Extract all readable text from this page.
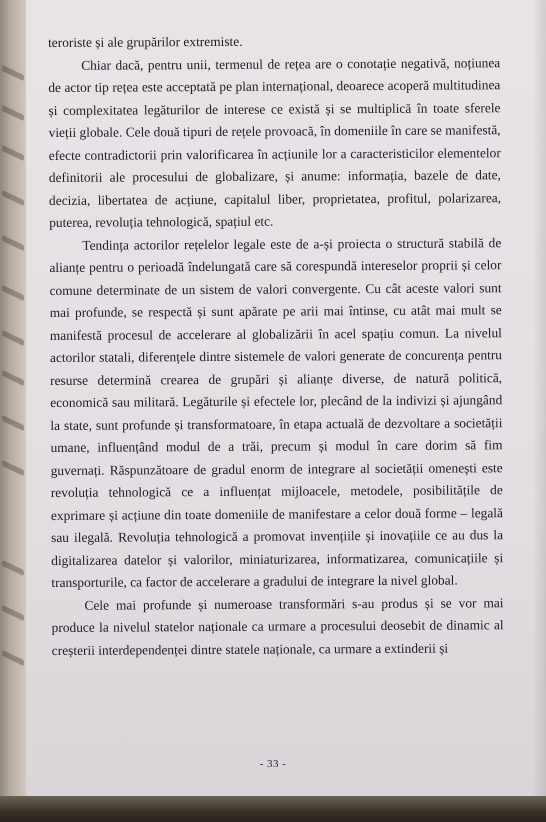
teroriste și ale grupărilor extremiste.

Chiar dacă, pentru unii, termenul de rețea are o conotație negativă, noțiunea de actor tip rețea este acceptată pe plan internațional, deoarece acoperă multitudinea și complexitatea legăturilor de interese ce există și se multiplică în toate sferele vieții globale. Cele două tipuri de rețele provoacă, în domeniile în care se manifestă, efecte contradictorii prin valorificarea în acțiunile lor a caracteristicilor elementelor definitorii ale procesului de globalizare, și anume: informația, bazele de date, decizia, libertatea de acțiune, capitalul liber, proprietatea, profitul, polarizarea, puterea, revoluția tehnologică, spațiul etc.

Tendința actorilor rețelelor legale este de a-și proiecta o structură stabilă de alianțe pentru o perioadă îndelungată care să corespundă intereselor proprii și celor comune determinate de un sistem de valori convergente. Cu cât aceste valori sunt mai profunde, se respectă și sunt apărate pe arii mai întinse, cu atât mai mult se manifestă procesul de accelerare al globalizării în acel spațiu comun. La nivelul actorilor statali, diferențele dintre sistemele de valori generate de concurența pentru resurse determină crearea de grupări și alianțe diverse, de natură politică, economică sau militară. Legăturile și efectele lor, plecând de la indivizi și ajungând la state, sunt profunde și transformatoare, în etapa actuală de dezvoltare a societății umane, influențând modul de a trăi, precum și modul în care dorim să fim guvernați. Răspunzătoare de gradul enorm de integrare al societății omenești este revoluția tehnologică ce a influențat mijloacele, metodele, posibilitățile de exprimare și acțiune din toate domeniile de manifestare a celor două forme – legală sau ilegală. Revoluția tehnologică a promovat invențiile și inovațiile ce au dus la digitalizarea datelor și valorilor, miniaturizarea, informatizarea, comunicațiile și transporturile, ca factor de accelerare a gradului de integrare la nivel global.

Cele mai profunde și numeroase transformări s-au produs și se vor mai produce la nivelul statelor naționale ca urmare a procesului deosebit de dinamic al creșterii interdependenței dintre statele naționale, ca urmare a extinderii și

- 33 -
